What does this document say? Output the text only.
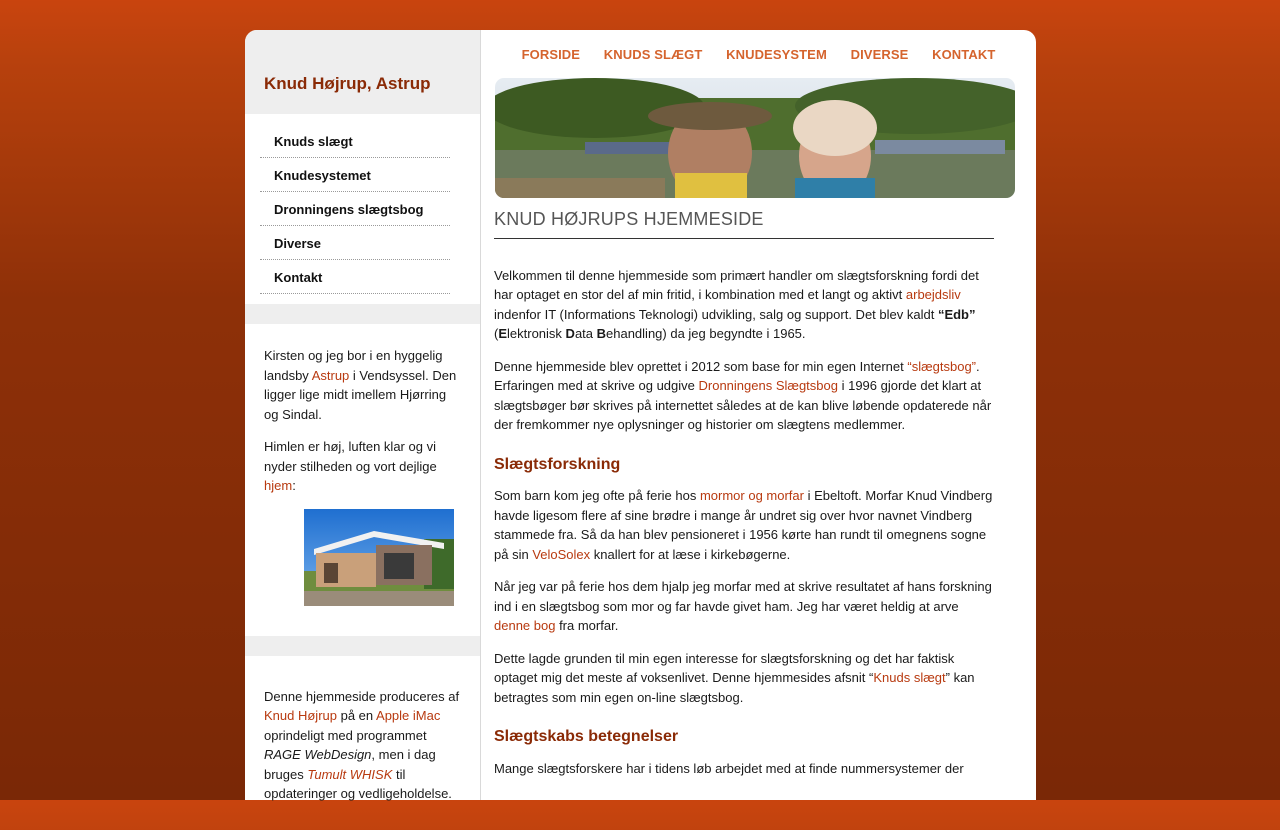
Knud Højrup, Astrup
Knuds slægt
Knudesystemet
Dronningens slægtsbog
Diverse
Kontakt

Kirsten og jeg bor i en hyggelig landsby Astrup i Vendsyssel. Den ligger lige midt imellem Hjørring og Sindal.

Himlen er høj, luften klar og vi nyder stilheden og vort dejlige hjem:

Denne hjemmeside produceres af Knud Højrup på en Apple iMac oprindeligt med programmet RAGE WebDesign, men i dag bruges Tumult WHISK til opdateringer og vedligeholdelse.

FORSIDE KNUDS SLÆGT KNUDESYSTEM DIVERSE KONTAKT
KNUD HØJRUPS HJEMMESIDE

Velkommen til denne hjemmeside som primært handler om slægtsforskning fordi det har optaget en stor del af min fritid, i kombination med et langt og aktivt arbejdsliv indenfor IT (Informations Teknologi) udvikling, salg og support. Det blev kaldt “Edb” (Elektronisk Data Behandling) da jeg begyndte i 1965.

Denne hjemmeside blev oprettet i 2012 som base for min egen Internet “slægtsbog”. Erfaringen med at skrive og udgive Dronningens Slægtsbog i 1996 gjorde det klart at slægtsbøger bør skrives på internettet således at de kan blive løbende opdaterede når der fremkommer nye oplysninger og historier om slægtens medlemmer.

Slægtsforskning

Som barn kom jeg ofte på ferie hos mormor og morfar i Ebeltoft. Morfar Knud Vindberg havde ligesom flere af sine brødre i mange år undret sig over hvor navnet Vindberg stammede fra. Så da han blev pensioneret i 1956 kørte han rundt til omegnens sogne på sin VeloSolex knallert for at læse i kirkebøgerne.

Når jeg var på ferie hos dem hjalp jeg morfar med at skrive resultatet af hans forskning ind i en slægtsbog som mor og far havde givet ham. Jeg har været heldig at arve denne bog fra morfar.

Dette lagde grunden til min egen interesse for slægtsforskning og det har faktisk optaget mig det meste af voksenlivet. Denne hjemmesides afsnit “Knuds slægt” kan betragtes som min egen on-line slægtsbog.

Slægtskabs betegnelser

Mange slægtsforskere har i tidens løb arbejdet med at finde nummersystemer der
